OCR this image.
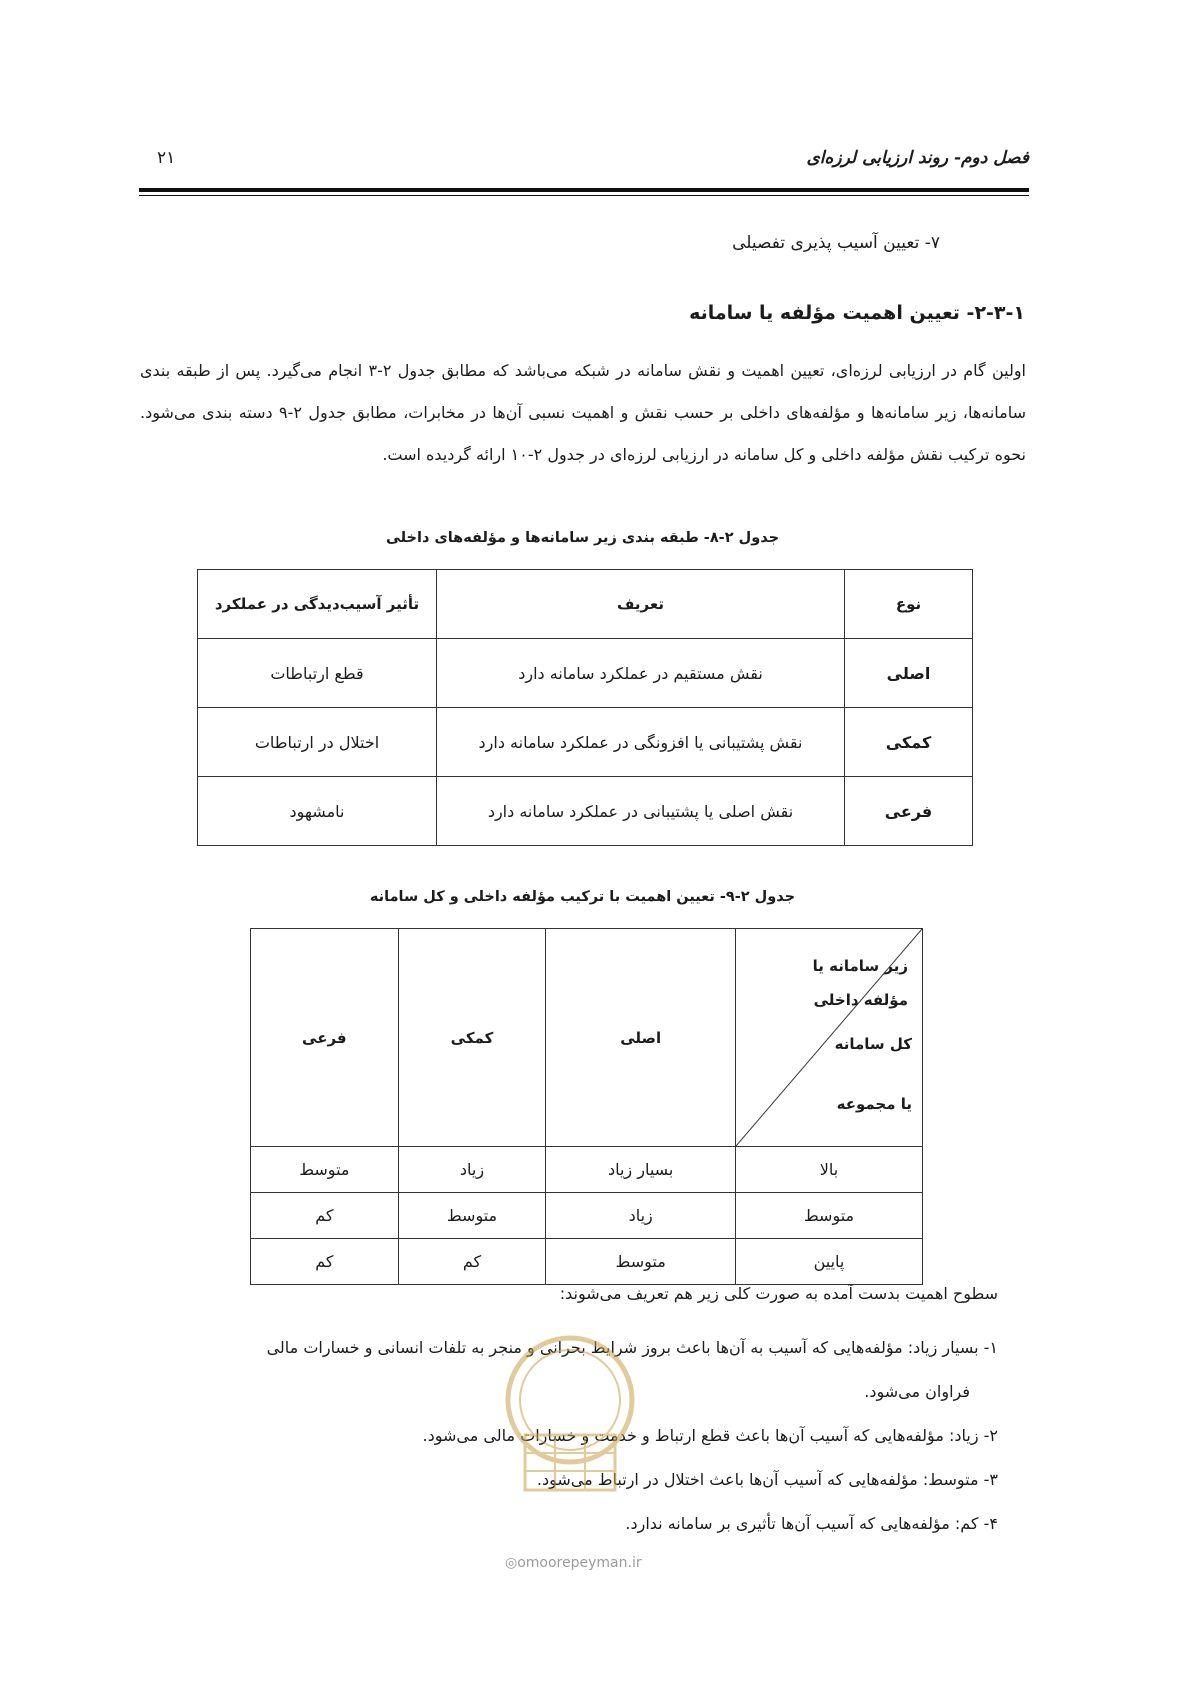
فصل دوم- روند ارزیابی لرزه‌ای
۲۱
۷- تعیین آسیب پذیری تفصیلی
۲-۳-۱- تعیین اهمیت مؤلفه یا سامانه

اولین گام در ارزیابی لرزه‌ای، تعیین اهمیت و نقش سامانه در شبکه می‌باشد که مطابق جدول ۲-۳ انجام می‌گیرد. پس از طبقه بندی سامانه‌ها، زیر سامانه‌ها و مؤلفه‌های داخلی بر حسب نقش و اهمیت نسبی آن‌ها در مخابرات، مطابق جدول ۲-۹ دسته بندی می‌شود. نحوه ترکیب نقش مؤلفه داخلی و کل سامانه در ارزیابی لرزه‌ای در جدول ۲-۱۰ ارائه گردیده است.

جدول ۲-۸- طبقه بندی زیر سامانه‌ها و مؤلفه‌های داخلی
نوع	تعریف	تأثیر آسیب‌دیدگی در عملکرد
اصلی	نقش مستقیم در عملکرد سامانه دارد	قطع ارتباطات
کمکی	نقش پشتیبانی یا افزونگی در عملکرد سامانه دارد	اختلال در ارتباطات
فرعی	نقش اصلی یا پشتیبانی در عملکرد سامانه دارد	نامشهود
جدول ۲-۹- تعیین اهمیت با ترکیب مؤلفه داخلی و کل سامانه
زیر سامانه یا
مؤلفه داخلی
کل سامانه
یا مجموعه	اصلی	کمکی	فرعی
بالا	بسیار زیاد	زیاد	متوسط
متوسط	زیاد	متوسط	کم
پایین	متوسط	کم	کم
سطوح اهمیت بدست آمده به صورت کلی زیر هم تعریف می‌شوند:
۱- بسیار زیاد: مؤلفه‌هایی که آسیب به آن‌ها باعث بروز شرایط بحرانی و منجر به تلفات انسانی و خسارات مالی
فراوان می‌شود.
۲- زیاد: مؤلفه‌هایی که آسیب آن‌ها باعث قطع ارتباط و خدمت و خسارات مالی می‌شود.
۳- متوسط: مؤلفه‌هایی که آسیب آن‌ها باعث اختلال در ارتباط می‌شود.
۴- کم: مؤلفه‌هایی که آسیب آن‌ها تأثیری بر سامانه ندارد.
◎omoorepeyman.ir
